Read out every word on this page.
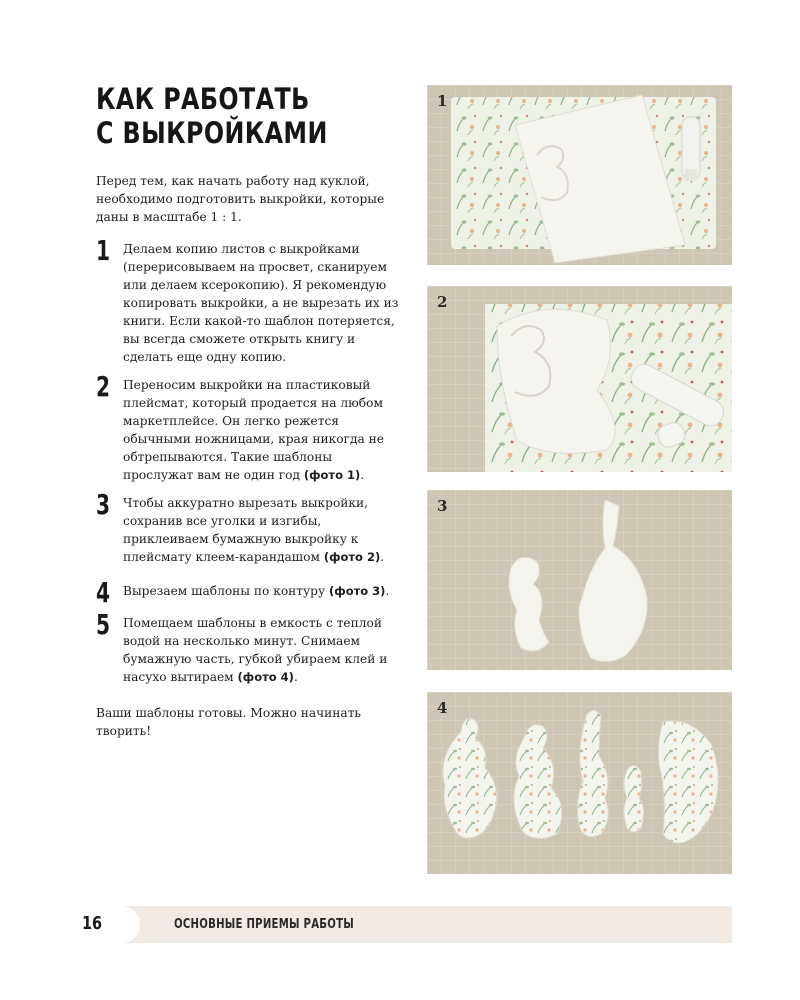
КАК РАБОТАТЬ
С ВЫКРОЙКАМИ

Перед тем, как начать работу над куклой, необходимо подготовить выкройки, которые даны в масштабе 1 : 1.

1 Делаем копию листов с выкройками (перерисовываем на просвет, сканируем или делаем ксерокопию). Я рекомендую копировать выкройки, а не вырезать их из книги. Если какой-то шаблон потеряется, вы всегда сможете открыть книгу и сделать еще одну копию.

2 Переносим выкройки на пластиковый плейсмат, который продается на любом маркетплейсе. Он легко режется обычными ножницами, края никогда не обтрепываются. Такие шаблоны прослужат вам не один год (фото 1).

3 Чтобы аккуратно вырезать выкройки, сохранив все уголки и изгибы, приклеиваем бумажную выкройку к плейсмату клеем-карандашом (фото 2).

4 Вырезаем шаблоны по контуру (фото 3).

5 Помещаем шаблоны в емкость с теплой водой на несколько минут. Снимаем бумажную часть, губкой убираем клей и насухо вытираем (фото 4).

Ваши шаблоны готовы. Можно начинать творить!

1
2
3
4
16	ОСНОВНЫЕ ПРИЕМЫ РАБОТЫ
